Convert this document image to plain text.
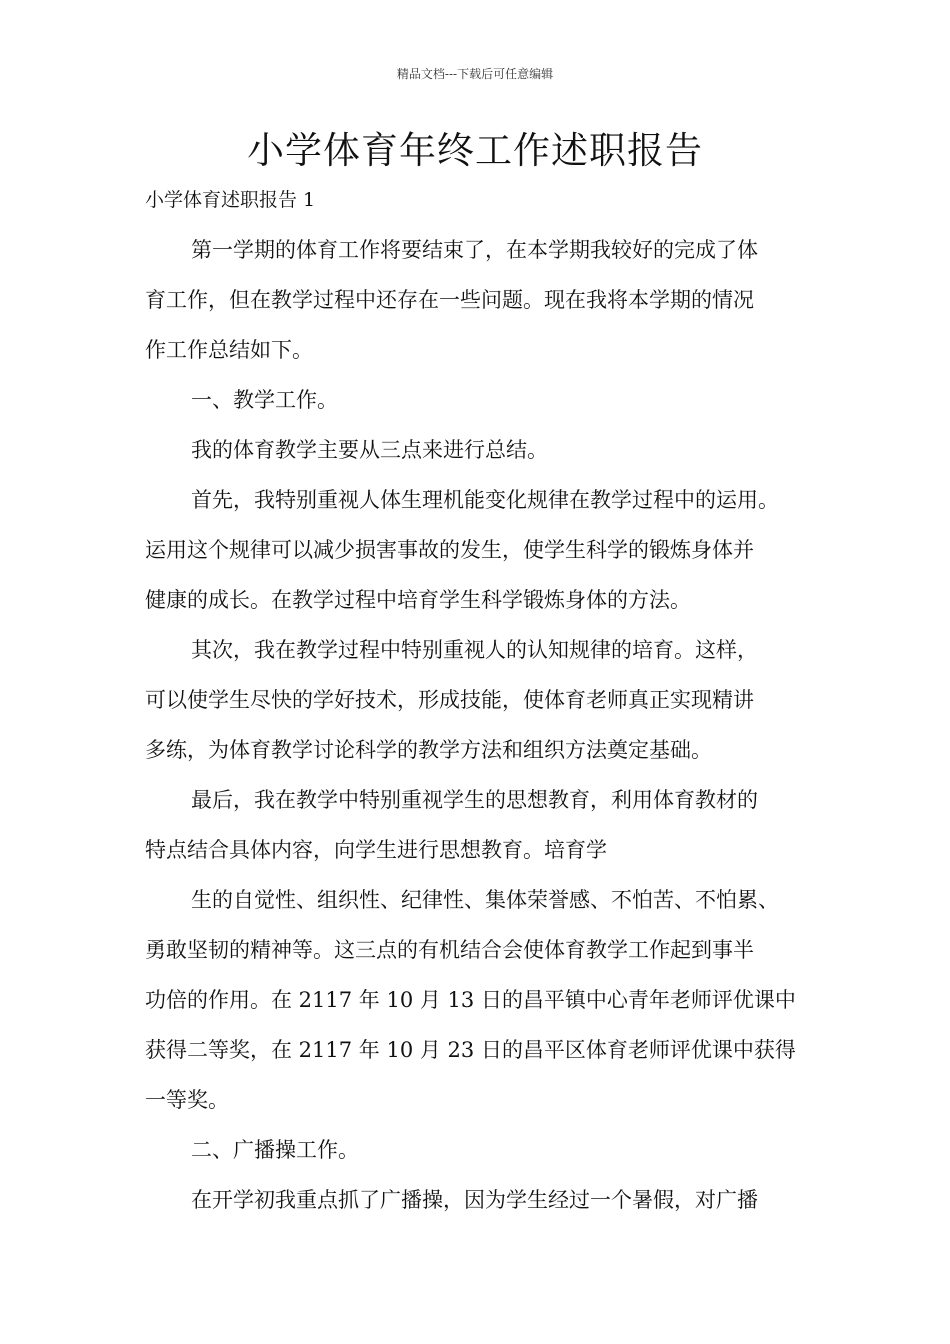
精品文档---下载后可任意编辑
小学体育年终工作述职报告
小学体育述职报告 1
第一学期的体育工作将要结束了，在本学期我较好的完成了体
育工作，但在教学过程中还存在一些问题。现在我将本学期的情况
作工作总结如下。
一、教学工作。
我的体育教学主要从三点来进行总结。
首先，我特别重视人体生理机能变化规律在教学过程中的运用。
运用这个规律可以减少损害事故的发生，使学生科学的锻炼身体并
健康的成长。在教学过程中培育学生科学锻炼身体的方法。
其次，我在教学过程中特别重视人的认知规律的培育。这样，
可以使学生尽快的学好技术，形成技能，使体育老师真正实现精讲
多练，为体育教学讨论科学的教学方法和组织方法奠定基础。
最后，我在教学中特别重视学生的思想教育，利用体育教材的
特点结合具体内容，向学生进行思想教育。培育学
生的自觉性、组织性、纪律性、集体荣誉感、不怕苦、不怕累、
勇敢坚韧的精神等。这三点的有机结合会使体育教学工作起到事半
功倍的作用。在 2117 年 10 月 13 日的昌平镇中心青年老师评优课中
获得二等奖，在 2117 年 10 月 23 日的昌平区体育老师评优课中获得
一等奖。
二、广播操工作。
在开学初我重点抓了广播操，因为学生经过一个暑假，对广播
